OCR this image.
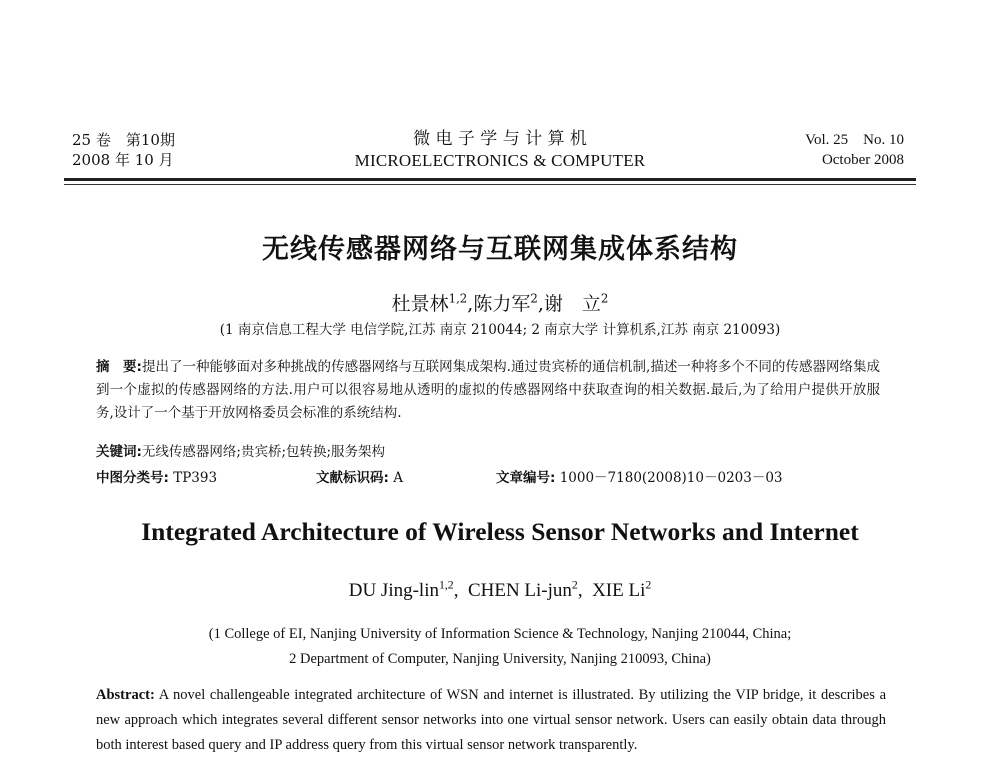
25 卷　第10期
2008 年 10 月
微 电 子 学 与 计 算 机
MICROELECTRONICS & COMPUTER
Vol. 25　No. 10
October 2008
无线传感器网络与互联网集成体系结构
杜景林$^{1,2}$,陈力军$^2$,谢　立$^2$
(1 南京信息工程大学 电信学院,江苏 南京 210044; 2 南京大学 计算机系,江苏 南京 210093)
摘　要:提出了一种能够面对多种挑战的传感器网络与互联网集成架构.通过贵宾桥的通信机制,描述一种将多个不同的传感器网络集成到一个虚拟的传感器网络的方法.用户可以很容易地从透明的虚拟的传感器网络中获取查询的相关数据.最后,为了给用户提供开放服务,设计了一个基于开放网格委员会标准的系统结构.
关键词:无线传感器网络;贵宾桥;包转换;服务架构
中图分类号: TP393	文献标识码: A	文章编号: 1000－7180(2008)10－0203－03
Integrated Architecture of Wireless Sensor Networks and Internet
DU Jing-lin$^{1,2}$,  CHEN Li-jun$^2$,  XIE Li$^2$
(1 College of EI, Nanjing University of Information Science & Technology, Nanjing 210044, China;
2 Department of Computer, Nanjing University, Nanjing 210093, China)
Abstract: A novel challengeable integrated architecture of WSN and internet is illustrated. By utilizing the VIP bridge, it describes a new approach which integrates several different sensor networks into one virtual sensor network. Users can easily obtain data through both interest based query and IP address query from this virtual sensor network transparently.
